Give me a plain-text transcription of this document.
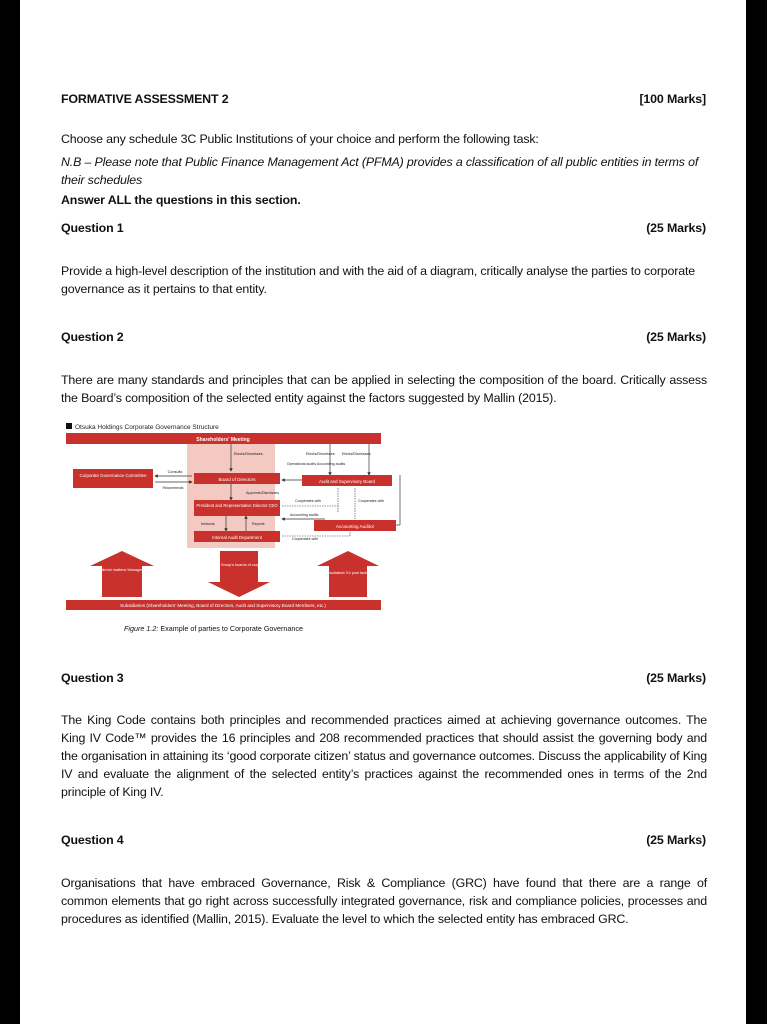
FORMATIVE ASSESSMENT 2	[100 Marks]
Choose any schedule 3C Public Institutions of your choice and perform the following task:
N.B – Please note that Public Finance Management Act (PFMA) provides a classification of all public entities in terms of their schedules
Answer ALL the questions in this section.
Question 1	(25 Marks)
Provide a high-level description of the institution and with the aid of a diagram, critically analyse the parties to corporate governance as it pertains to that entity.
Question 2	(25 Marks)
There are many standards and principles that can be applied in selecting the composition of the board. Critically assess the Board’s composition of the selected entity against the factors suggested by Mallin (2015).
Otsuka Holdings Corporate Governance Structure
Shareholders' Meeting
Elects/Dismisses	Elects/Dismisses Elects/Dismisses
Corporate Governance Committee
Consults
Recommends
Board of Directors
Operational audits Accounting audits
Audit and Supervisory Board
Appoints/Dismisses
Cooperates with	Cooperates with
President and Representative Director CEO
Accounting audits
Instructs	Reports	Accounting Auditor
Internal Audit Department	Cooperates with
Approval of material matters/ Management guidance
Meeting of the Group's boards of corporate auditors
Prior consultation/ Ex post facto reports
Subsidiaries (Shareholders' Meeting, Board of Directors, Audit and Supervisory Board Members, etc.)
Figure 1.2: Example of parties to Corporate Governance
Question 3	(25 Marks)
The King Code contains both principles and recommended practices aimed at achieving governance outcomes. The King IV Code™ provides the 16 principles and 208 recommended practices that should assist the governing body and the organisation in attaining its ‘good corporate citizen’ status and governance outcomes. Discuss the applicability of King IV and evaluate the alignment of the selected entity’s practices against the recommended ones in terms of the 2nd principle of King IV.
Question 4	(25 Marks)
Organisations that have embraced Governance, Risk & Compliance (GRC) have found that there are a range of common elements that go right across successfully integrated governance, risk and compliance policies, processes and procedures as identified (Mallin, 2015). Evaluate the level to which the selected entity has embraced GRC.
